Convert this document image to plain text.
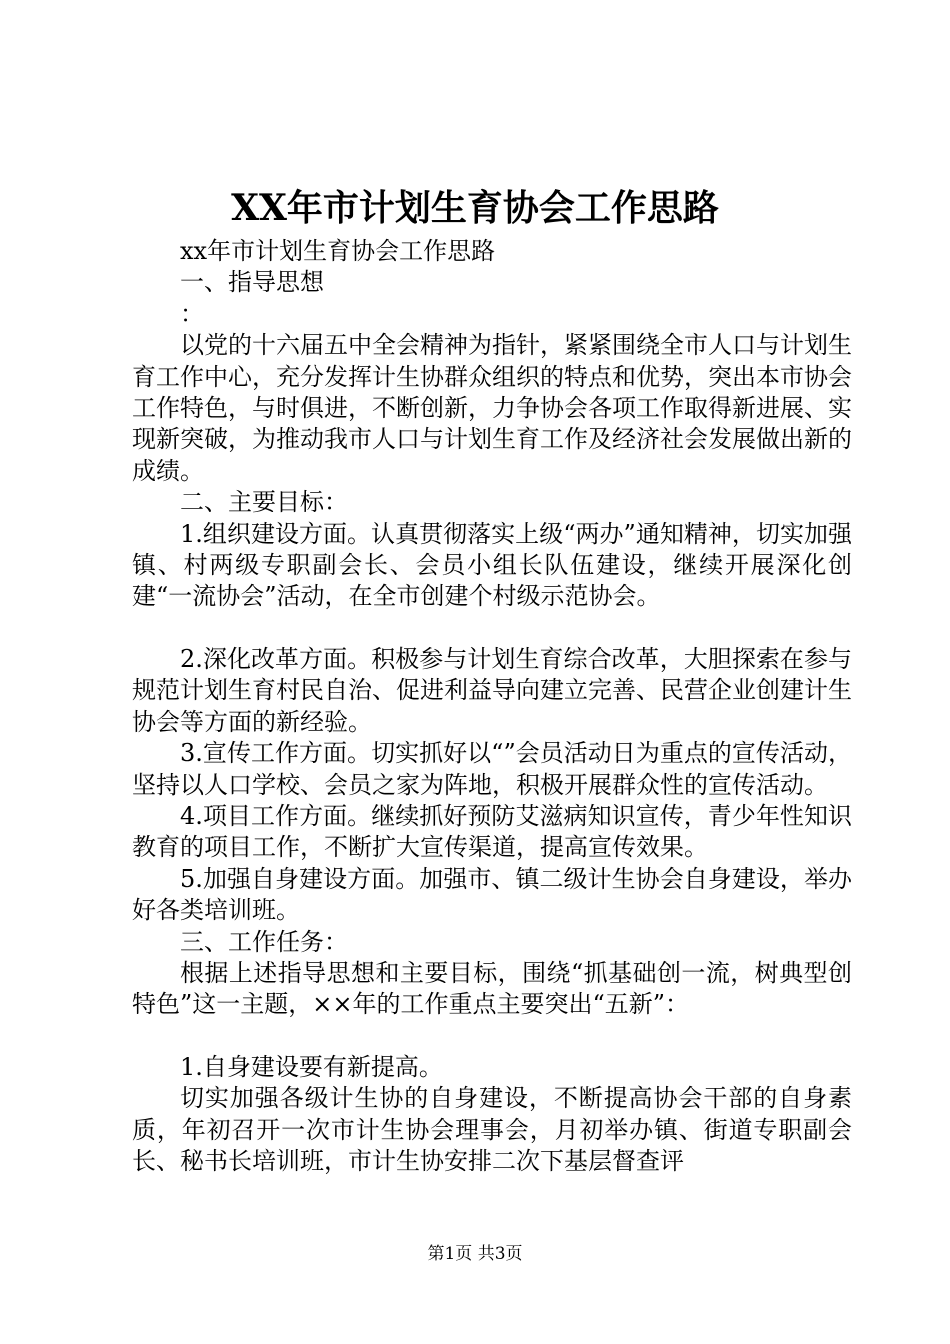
XX年市计划生育协会工作思路

xx年市计划生育协会工作思路

一、指导思想

：

以党的十六届五中全会精神为指针，紧紧围绕全市人口与计划生育工作中心，充分发挥计生协群众组织的特点和优势，突出本市协会工作特色，与时俱进，不断创新，力争协会各项工作取得新进展、实现新突破，为推动我市人口与计划生育工作及经济社会发展做出新的成绩。

二、主要目标：

1.组织建设方面。认真贯彻落实上级“两办”通知精神，切实加强镇、村两级专职副会长、会员小组长队伍建设，继续开展深化创建“一流协会”活动，在全市创建个村级示范协会。

2.深化改革方面。积极参与计划生育综合改革，大胆探索在参与规范计划生育村民自治、促进利益导向建立完善、民营企业创建计生协会等方面的新经验。

3.宣传工作方面。切实抓好以“”会员活动日为重点的宣传活动，坚持以人口学校、会员之家为阵地，积极开展群众性的宣传活动。

4.项目工作方面。继续抓好预防艾滋病知识宣传，青少年性知识教育的项目工作，不断扩大宣传渠道，提高宣传效果。

5.加强自身建设方面。加强市、镇二级计生协会自身建设，举办好各类培训班。

三、工作任务：

根据上述指导思想和主要目标，围绕“抓基础创一流，树典型创特色”这一主题，××年的工作重点主要突出“五新”：

1.自身建设要有新提高。

切实加强各级计生协的自身建设，不断提高协会干部的自身素质，年初召开一次市计生协会理事会，月初举办镇、街道专职副会长、秘书长培训班，市计生协安排二次下基层督查评

第1页 共3页
